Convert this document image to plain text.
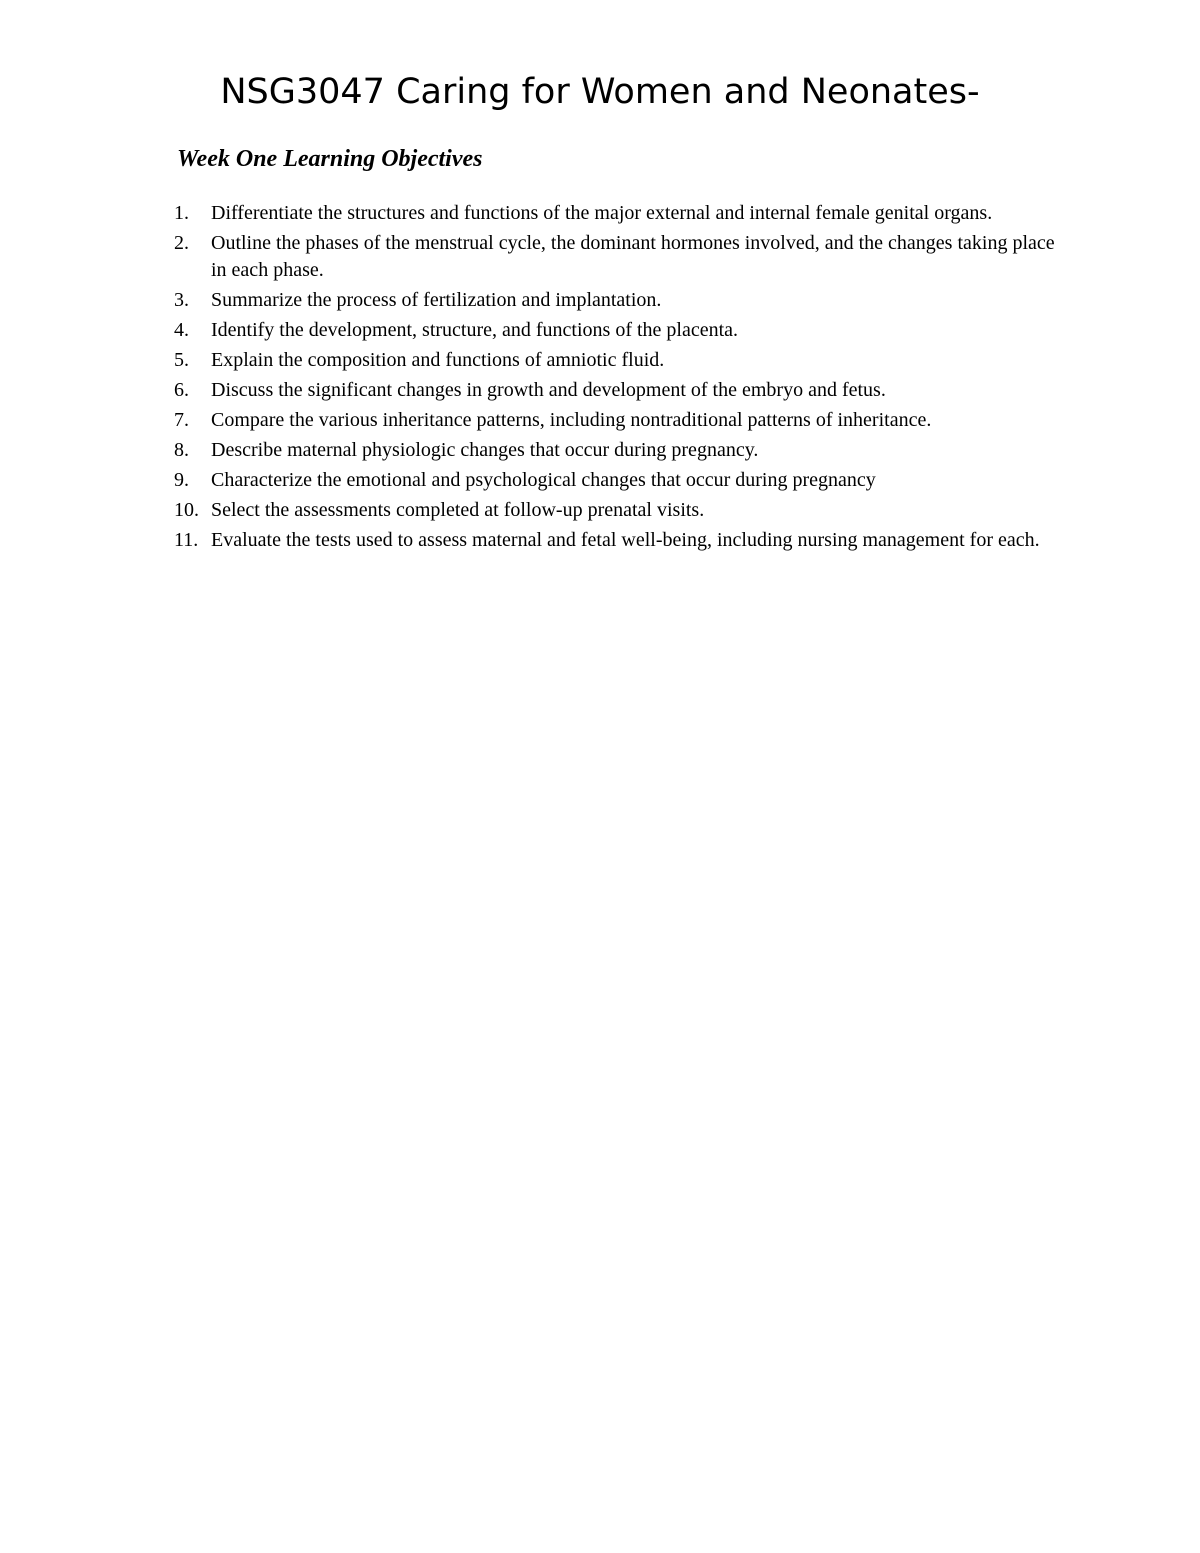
NSG3047 Caring for Women and Neonates-
Week One Learning Objectives
1. Differentiate the structures and functions of the major external and internal female genital organs.
2. Outline the phases of the menstrual cycle, the dominant hormones involved, and the changes taking place in each phase.
3. Summarize the process of fertilization and implantation.
4. Identify the development, structure, and functions of the placenta.
5. Explain the composition and functions of amniotic fluid.
6. Discuss the significant changes in growth and development of the embryo and fetus.
7. Compare the various inheritance patterns, including nontraditional patterns of inheritance.
8. Describe maternal physiologic changes that occur during pregnancy.
9. Characterize the emotional and psychological changes that occur during pregnancy
10. Select the assessments completed at follow-up prenatal visits.
11. Evaluate the tests used to assess maternal and fetal well-being, including nursing management for each.
